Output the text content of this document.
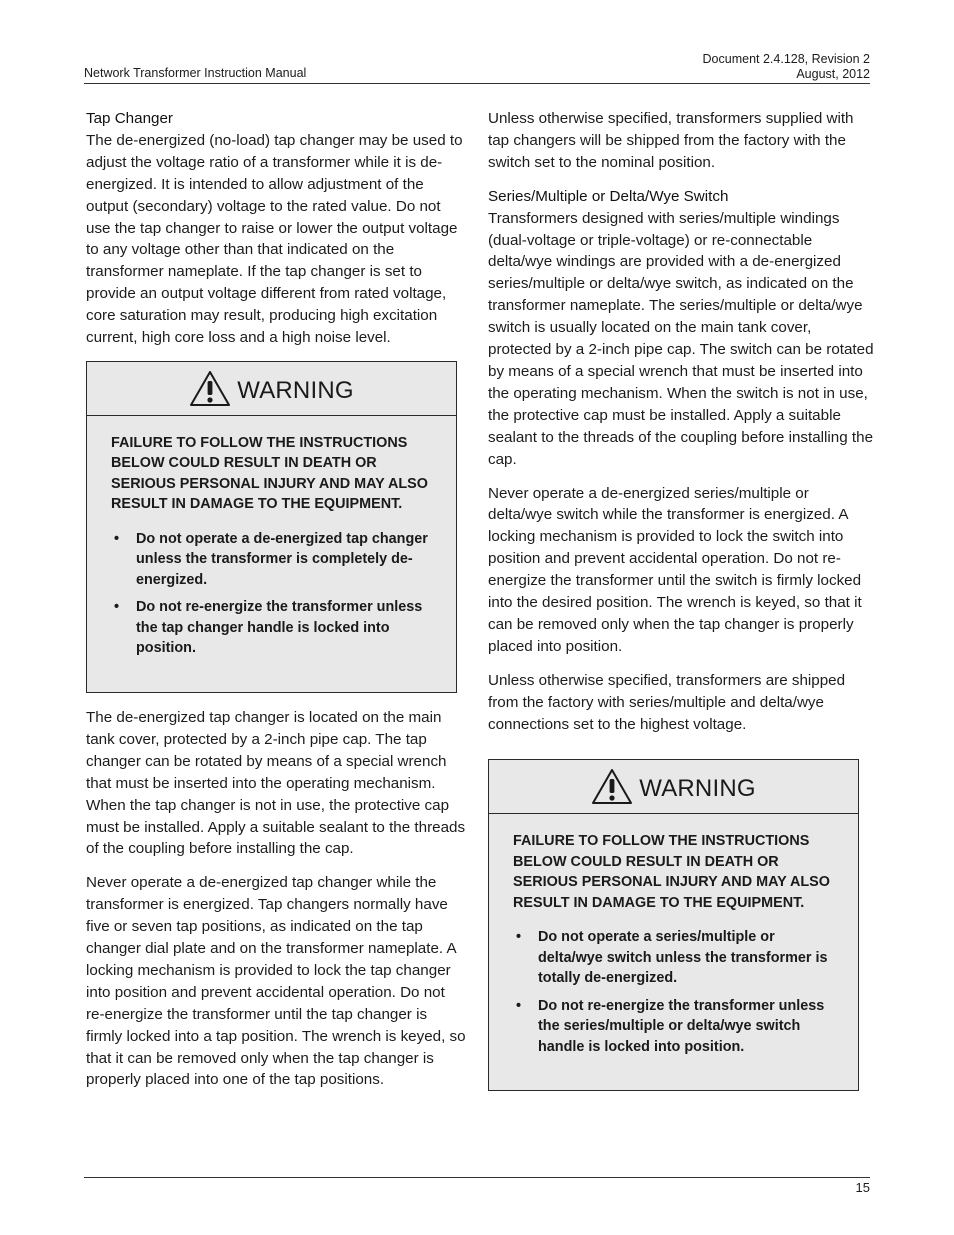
Network Transformer Instruction Manual
Document 2.4.128, Revision 2
August, 2012
Tap Changer

The de-energized (no-load) tap changer may be used to adjust the voltage ratio of a transformer while it is de-energized. It is intended to allow adjustment of the output (secondary) voltage to the rated value. Do not use the tap changer to raise or lower the output voltage to any voltage other than that indicated on the transformer nameplate. If the tap changer is set to provide an output voltage different from rated voltage, core saturation may result, producing high excitation current, high core loss and a high noise level.

WARNING

FAILURE TO FOLLOW THE INSTRUCTIONS BELOW COULD RESULT IN DEATH OR SERIOUS PERSONAL INJURY AND MAY ALSO RESULT IN DAMAGE TO THE EQUIPMENT.

• Do not operate a de-energized tap changer unless the transformer is completely de-energized.
• Do not re-energize the transformer unless the tap changer handle is locked into position.

The de-energized tap changer is located on the main tank cover, protected by a 2-inch pipe cap. The tap changer can be rotated by means of a special wrench that must be inserted into the operating mechanism. When the tap changer is not in use, the protective cap must be installed. Apply a suitable sealant to the threads of the coupling before installing the cap.

Never operate a de-energized tap changer while the transformer is energized. Tap changers normally have five or seven tap positions, as indicated on the tap changer dial plate and on the transformer nameplate. A locking mechanism is provided to lock the tap changer into position and prevent accidental operation. Do not re-energize the transformer until the tap changer is firmly locked into a tap position. The wrench is keyed, so that it can be removed only when the tap changer is properly placed into one of the tap positions.

Unless otherwise specified, transformers supplied with tap changers will be shipped from the factory with the switch set to the nominal position.

Series/Multiple or Delta/Wye Switch

Transformers designed with series/multiple windings (dual-voltage or triple-voltage) or re-connectable delta/wye windings are provided with a de-energized series/multiple or delta/wye switch, as indicated on the transformer nameplate. The series/multiple or delta/wye switch is usually located on the main tank cover, protected by a 2-inch pipe cap. The switch can be rotated by means of a special wrench that must be inserted into the operating mechanism. When the switch is not in use, the protective cap must be installed. Apply a suitable sealant to the threads of the coupling before installing the cap.

Never operate a de-energized series/multiple or delta/wye switch while the transformer is energized. A locking mechanism is provided to lock the switch into position and prevent accidental operation. Do not re-energize the transformer until the switch is firmly locked into the desired position. The wrench is keyed, so that it can be removed only when the tap changer is properly placed into position.

Unless otherwise specified, transformers are shipped from the factory with series/multiple and delta/wye connections set to the highest voltage.

WARNING

FAILURE TO FOLLOW THE INSTRUCTIONS BELOW COULD RESULT IN DEATH OR SERIOUS PERSONAL INJURY AND MAY ALSO RESULT IN DAMAGE TO THE EQUIPMENT.

• Do not operate a series/multiple or delta/wye switch unless the transformer is totally de-energized.
• Do not re-energize the transformer unless the series/multiple or delta/wye switch handle is locked into position.
15
